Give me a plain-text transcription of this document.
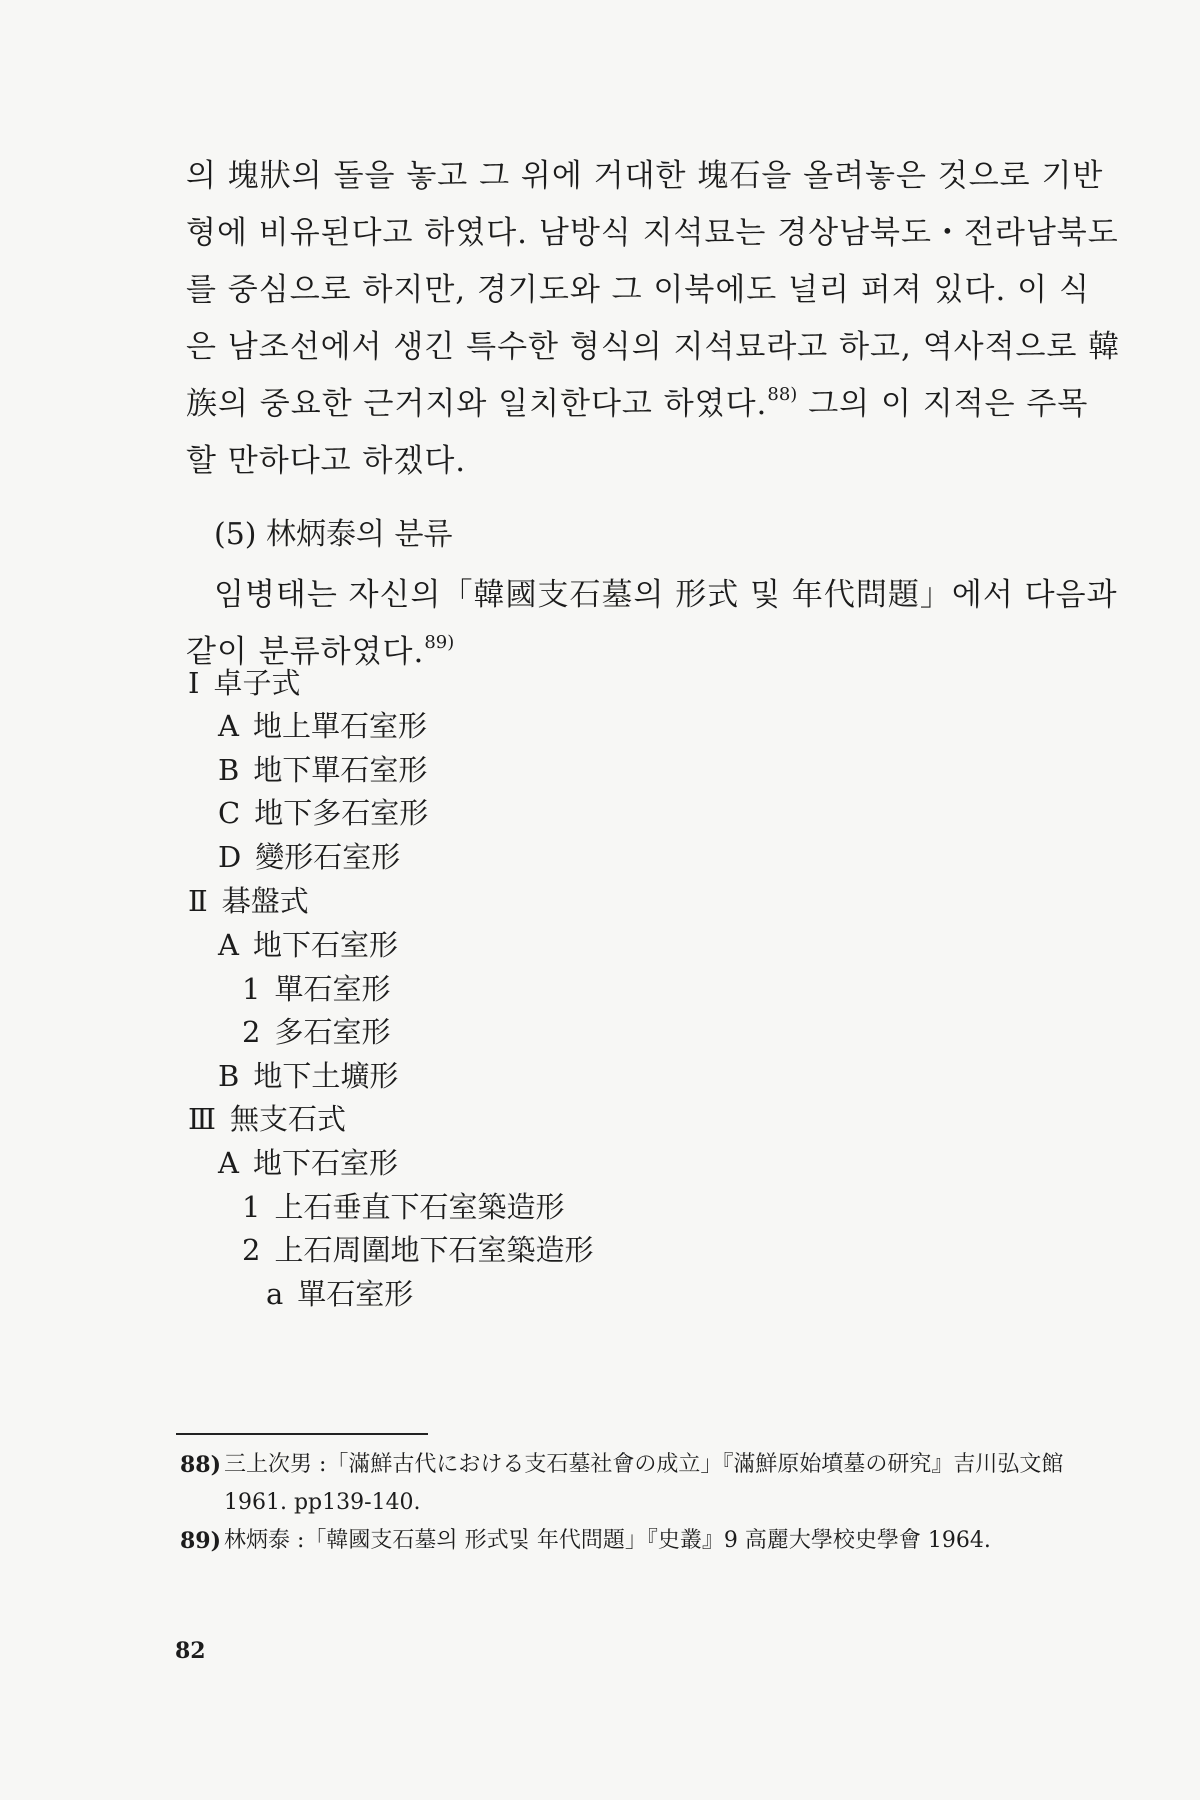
의 塊狀의 돌을 놓고 그 위에 거대한 塊石을 올려놓은 것으로 기반
형에 비유된다고 하였다. 남방식 지석묘는 경상남북도・전라남북도
를 중심으로 하지만, 경기도와 그 이북에도 널리 퍼져 있다. 이 식
은 남조선에서 생긴 특수한 형식의 지석묘라고 하고, 역사적으로 韓
族의 중요한 근거지와 일치한다고 하였다.$^{88)}$ 그의 이 지적은 주목
할 만하다고 하겠다.
(5) 林炳泰의 분류
임병태는 자신의「韓國支石墓의 形式 및 年代問題」에서 다음과
같이 분류하였다.$^{89)}$
Ⅰ 卓子式
A 地上單石室形
B 地下單石室形
C 地下多石室形
D 變形石室形
Ⅱ 碁盤式
A 地下石室形
1 單石室形
2 多石室形
B 地下土壙形
Ⅲ 無支石式
A 地下石室形
1 上石垂直下石室築造形
2 上石周圍地下石室築造形
a 單石室形
88) 三上次男 :「滿鮮古代における支石墓社會の成立」『滿鮮原始墳墓の研究』吉川弘文館 1961. pp139-140.
89) 林炳泰 :「韓國支石墓의 形式및 年代問題」『史叢』9 高麗大學校史學會 1964.
82
